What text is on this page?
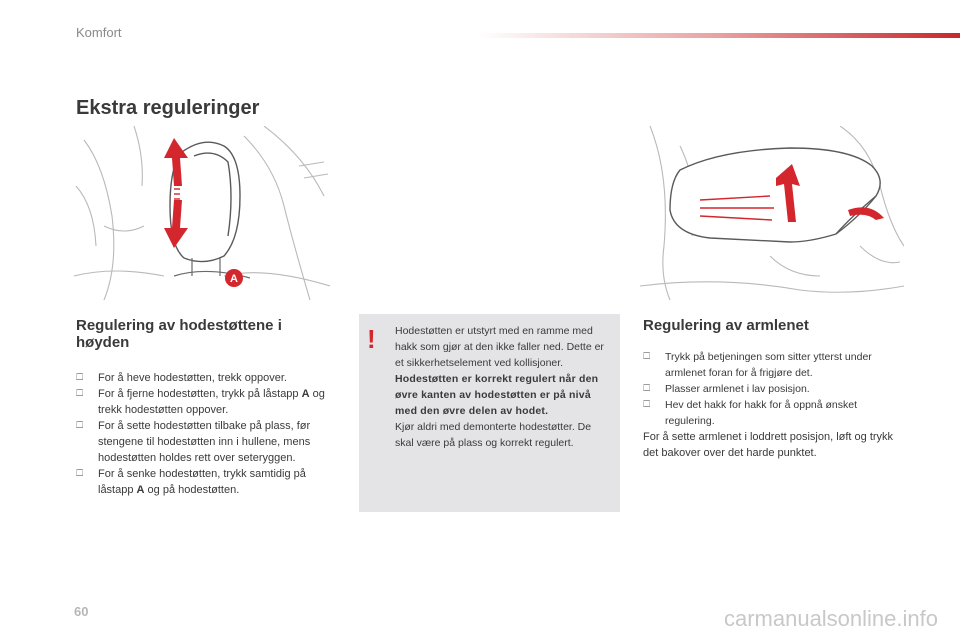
Komfort
Ekstra reguleringer
A
Regulering av hodestøttene i
høyden
🗆 For å heve hodestøtten, trekk oppover.
🗆 For å fjerne hodestøtten, trykk på låstapp A og trekk hodestøtten oppover.
🗆 For å sette hodestøtten tilbake på plass, før stengene til hodestøtten inn i hullene, mens hodestøtten holdes rett over seteryggen.
🗆 For å senke hodestøtten, trykk samtidig på låstapp A og på hodestøtten.
! Hodestøtten er utstyrt med en ramme med hakk som gjør at den ikke faller ned. Dette er et sikkerhetselement ved kollisjoner.

Hodestøtten er korrekt regulert når den øvre kanten av hodestøtten er på nivå med den øvre delen av hodet.

Kjør aldri med demonterte hodestøtter. De skal være på plass og korrekt regulert.

Regulering av armlenet
🗆 Trykk på betjeningen som sitter ytterst under armlenet foran for å frigjøre det.
🗆 Plasser armlenet i lav posisjon.
🗆 Hev det hakk for hakk for å oppnå ønsket regulering.

For å sette armlenet i loddrett posisjon, løft og trykk det bakover over det harde punktet.

60	carmanualsonline.info
